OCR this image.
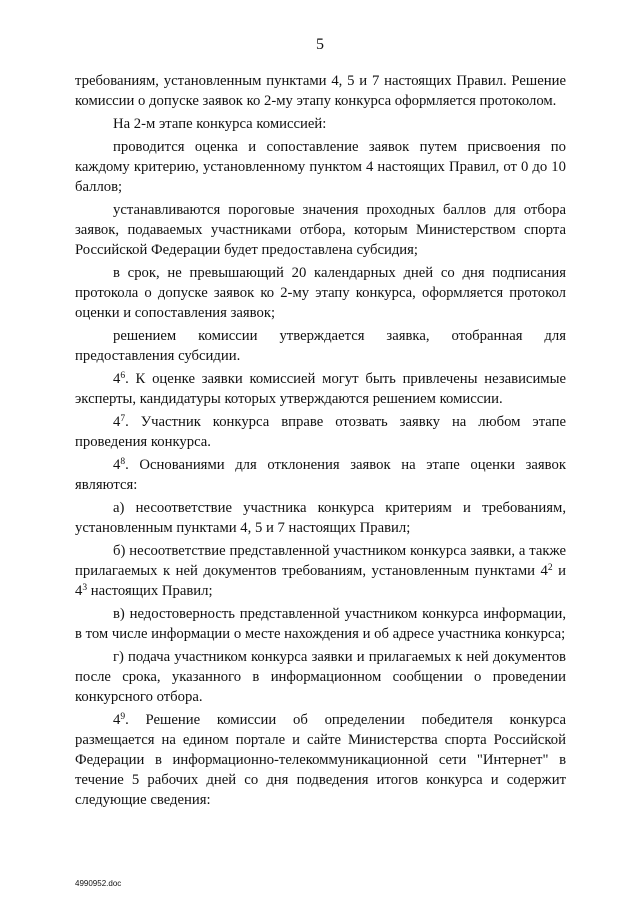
5

требованиям, установленным пунктами 4, 5 и 7 настоящих Правил. Решение комиссии о допуске заявок ко 2-му этапу конкурса оформляется протоколом.

На 2-м этапе конкурса комиссией:

проводится оценка и сопоставление заявок путем присвоения по каждому критерию, установленному пунктом 4 настоящих Правил, от 0 до 10 баллов;

устанавливаются пороговые значения проходных баллов для отбора заявок, подаваемых участниками отбора, которым Министерством спорта Российской Федерации будет предоставлена субсидия;

в срок, не превышающий 20 календарных дней со дня подписания протокола о допуске заявок ко 2-му этапу конкурса, оформляется протокол оценки и сопоставления заявок;

решением комиссии утверждается заявка, отобранная для предоставления субсидии.

$4^6$. К оценке заявки комиссией могут быть привлечены независимые эксперты, кандидатуры которых утверждаются решением комиссии.

$4^7$. Участник конкурса вправе отозвать заявку на любом этапе проведения конкурса.

$4^8$. Основаниями для отклонения заявок на этапе оценки заявок являются:

а) несоответствие участника конкурса критериям и требованиям, установленным пунктами 4, 5 и 7 настоящих Правил;

б) несоответствие представленной участником конкурса заявки, а также прилагаемых к ней документов требованиям, установленным пунктами $4^2$ и $4^3$ настоящих Правил;

в) недостоверность представленной участником конкурса информации, в том числе информации о месте нахождения и об адресе участника конкурса;

г) подача участником конкурса заявки и прилагаемых к ней документов после срока, указанного в информационном сообщении о проведении конкурсного отбора.

$4^9$. Решение комиссии об определении победителя конкурса размещается на едином портале и сайте Министерства спорта Российской Федерации в информационно-телекоммуникационной сети "Интернет" в течение 5 рабочих дней со дня подведения итогов конкурса и содержит следующие сведения:

4990952.doc
